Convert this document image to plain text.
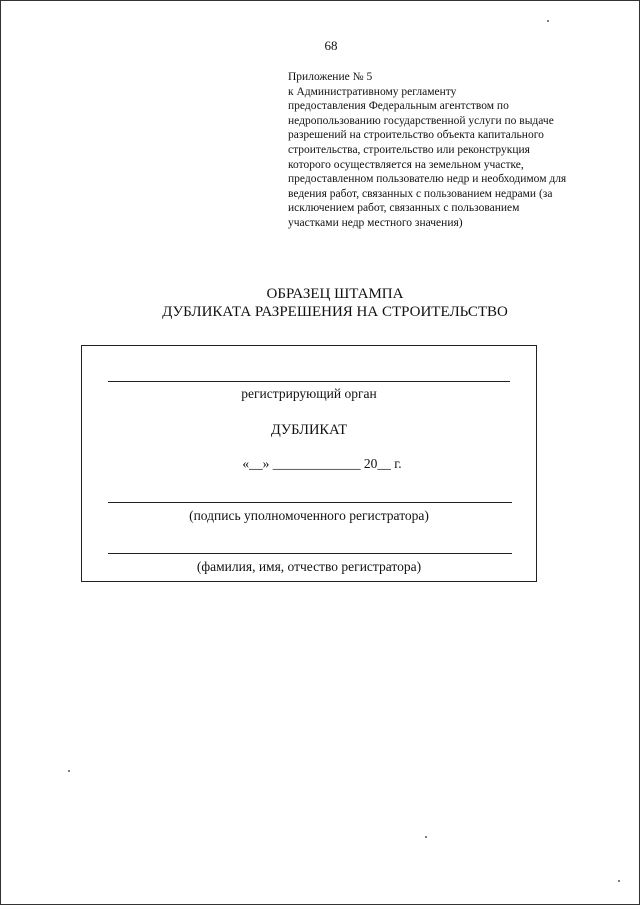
68
Приложение № 5
к Административному регламенту
предоставления Федеральным агентством по
недропользованию государственной услуги по выдаче
разрешений на строительство объекта капитального
строительства, строительство или реконструкция
которого осуществляется на земельном участке,
предоставленном пользователю недр и необходимом для
ведения работ, связанных с пользованием недрами (за
исключением работ, связанных с пользованием
участками недр местного значения)
ОБРАЗЕЦ ШТАМПА
ДУБЛИКАТА РАЗРЕШЕНИЯ НА СТРОИТЕЛЬСТВО
регистрирующий орган
ДУБЛИКАТ
«__» _____________ 20__ г.
(подпись уполномоченного регистратора)
(фамилия, имя, отчество регистратора)
